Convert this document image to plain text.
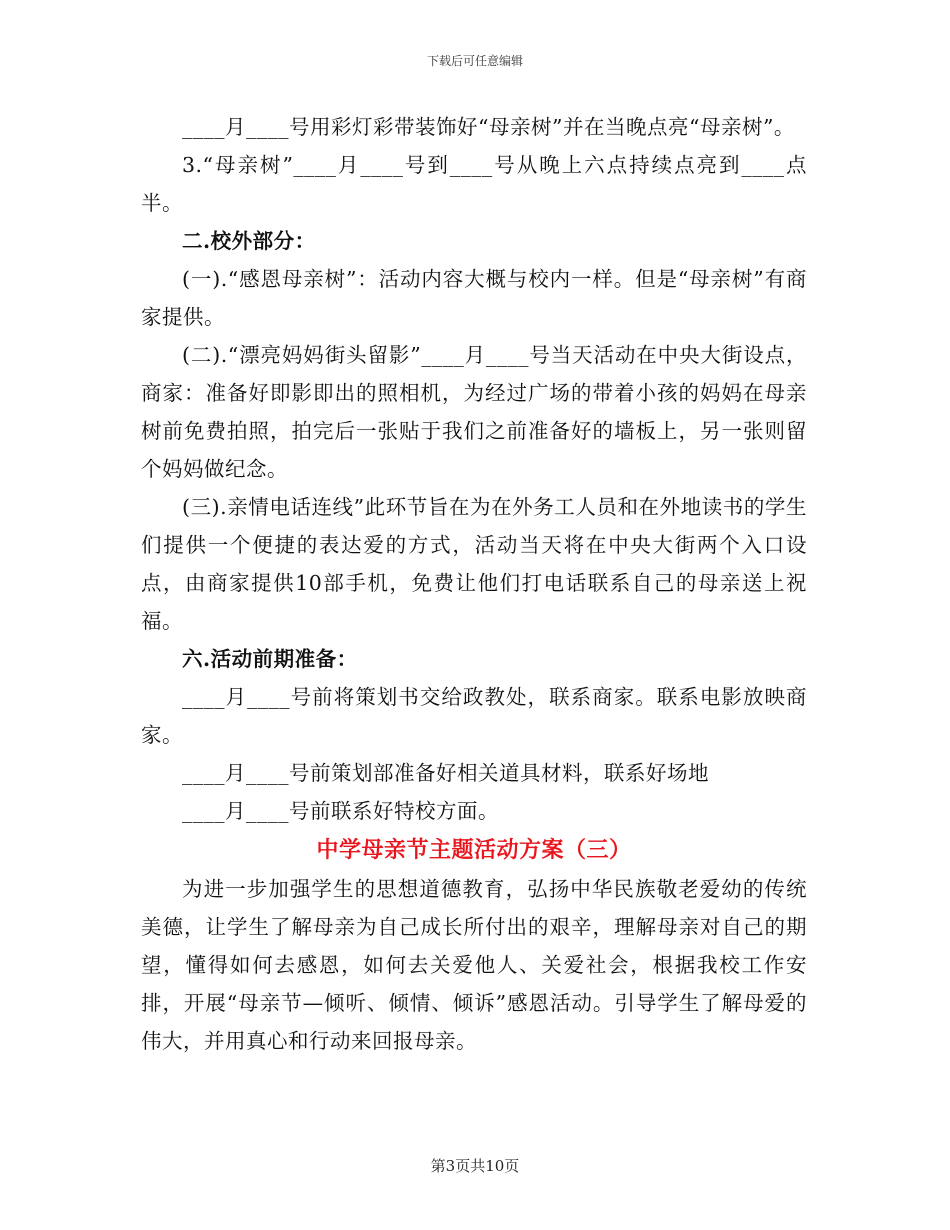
下载后可任意编辑

____月____号用彩灯彩带装饰好“母亲树”并在当晚点亮“母亲树”。

3.“母亲树”____月____号到____号从晚上六点持续点亮到____点半。

二.校外部分：

(一).“感恩母亲树”：活动内容大概与校内一样。但是“母亲树”有商家提供。

(二).“漂亮妈妈街头留影”____月____号当天活动在中央大街设点，商家：准备好即影即出的照相机，为经过广场的带着小孩的妈妈在母亲树前免费拍照，拍完后一张贴于我们之前准备好的墙板上，另一张则留个妈妈做纪念。

(三).亲情电话连线”此环节旨在为在外务工人员和在外地读书的学生们提供一个便捷的表达爱的方式，活动当天将在中央大街两个入口设点，由商家提供10部手机，免费让他们打电话联系自己的母亲送上祝福。

六.活动前期准备：

____月____号前将策划书交给政教处，联系商家。联系电影放映商家。

____月____号前策划部准备好相关道具材料，联系好场地

____月____号前联系好特校方面。

中学母亲节主题活动方案（三）

为进一步加强学生的思想道德教育，弘扬中华民族敬老爱幼的传统美德，让学生了解母亲为自己成长所付出的艰辛，理解母亲对自己的期望，懂得如何去感恩，如何去关爱他人、关爱社会，根据我校工作安排，开展“母亲节—倾听、倾情、倾诉”感恩活动。引导学生了解母爱的伟大，并用真心和行动来回报母亲。

第3页共10页
